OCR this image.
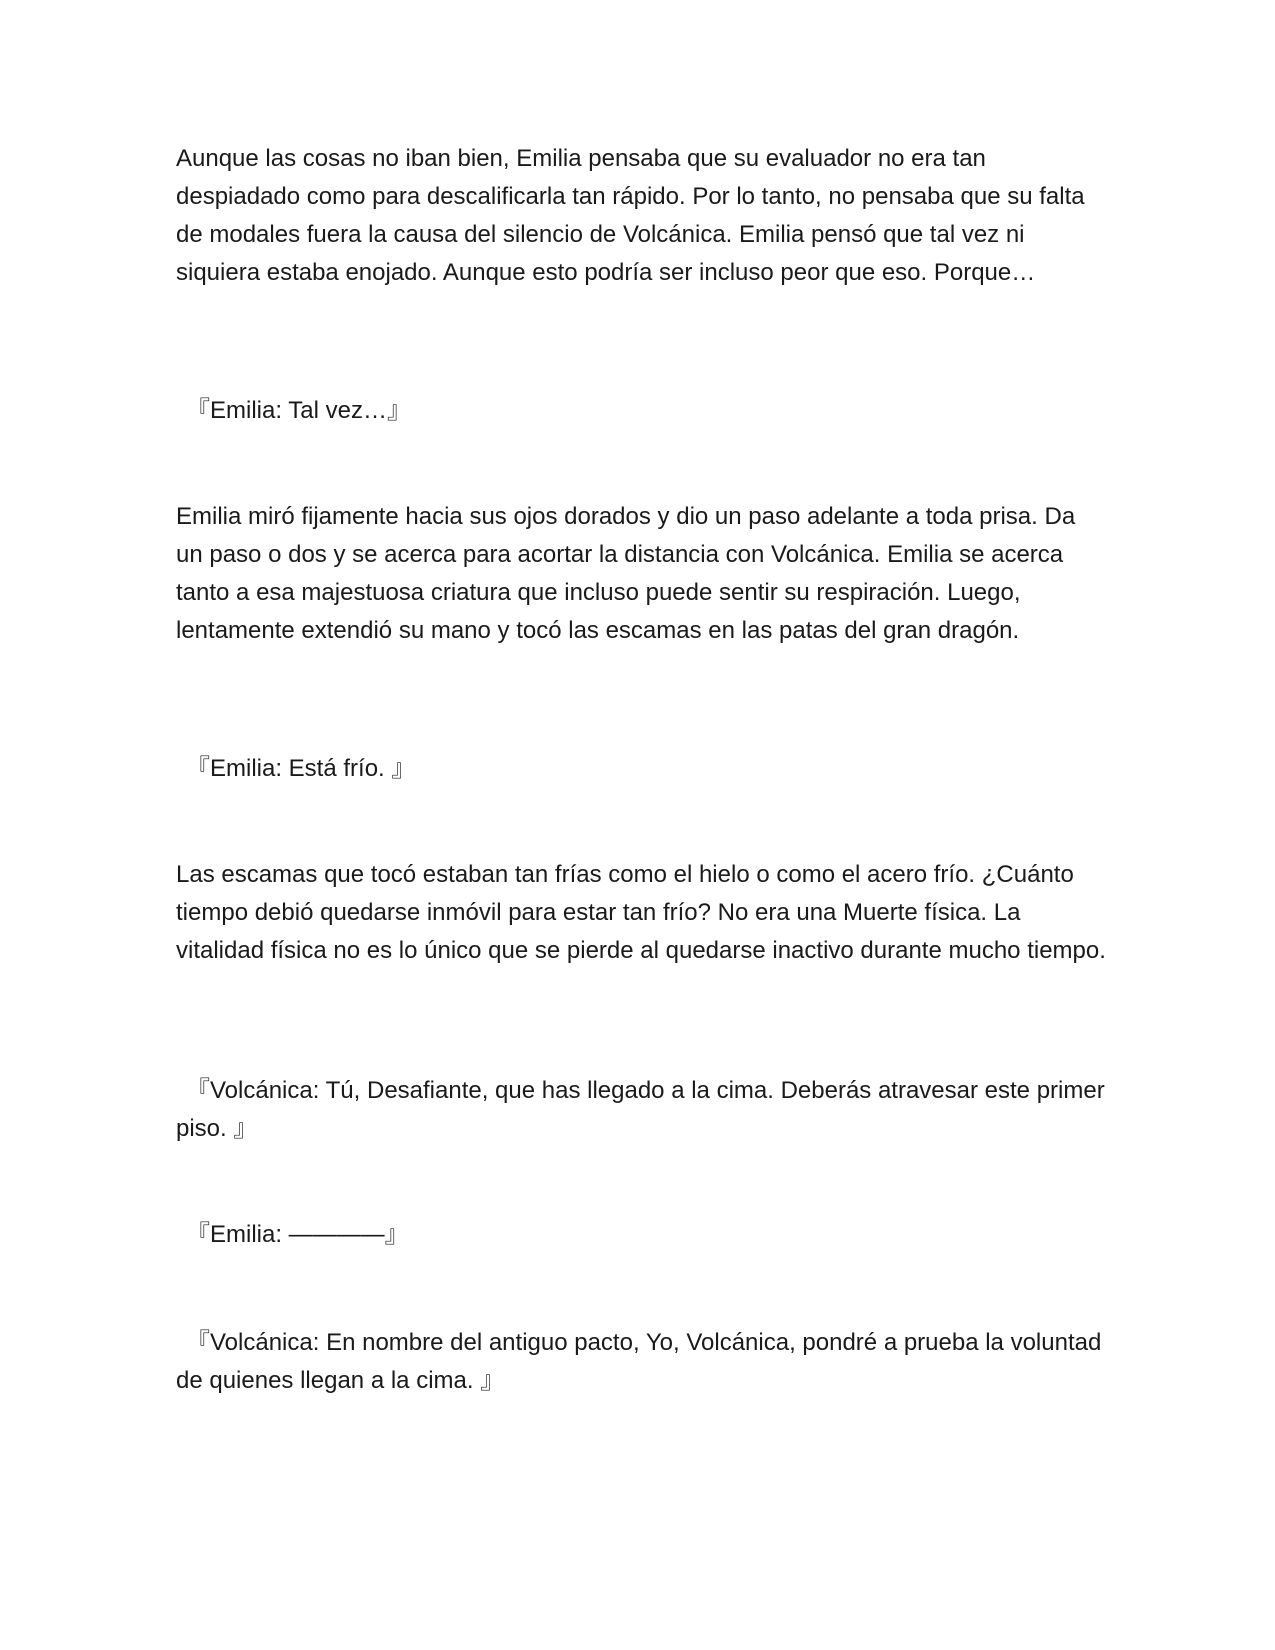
Aunque las cosas no iban bien, Emilia pensaba que su evaluador no era tan despiadado como para descalificarla tan rápido. Por lo tanto, no pensaba que su falta de modales fuera la causa del silencio de Volcánica. Emilia pensó que tal vez ni siquiera estaba enojado. Aunque esto podría ser incluso peor que eso. Porque…

『Emilia: Tal vez…』

Emilia miró fijamente hacia sus ojos dorados y dio un paso adelante a toda prisa. Da un paso o dos y se acerca para acortar la distancia con Volcánica. Emilia se acerca tanto a esa majestuosa criatura que incluso puede sentir su respiración. Luego, lentamente extendió su mano y tocó las escamas en las patas del gran dragón.

『Emilia: Está frío. 』

Las escamas que tocó estaban tan frías como el hielo o como el acero frío. ¿Cuánto tiempo debió quedarse inmóvil para estar tan frío? No era una Muerte física. La vitalidad física no es lo único que se pierde al quedarse inactivo durante mucho tiempo.

『Volcánica: Tú, Desafiante, que has llegado a la cima. Deberás atravesar este primer piso. 』

『Emilia: ————』

『Volcánica: En nombre del antiguo pacto, Yo, Volcánica, pondré a prueba la voluntad de quienes llegan a la cima. 』
